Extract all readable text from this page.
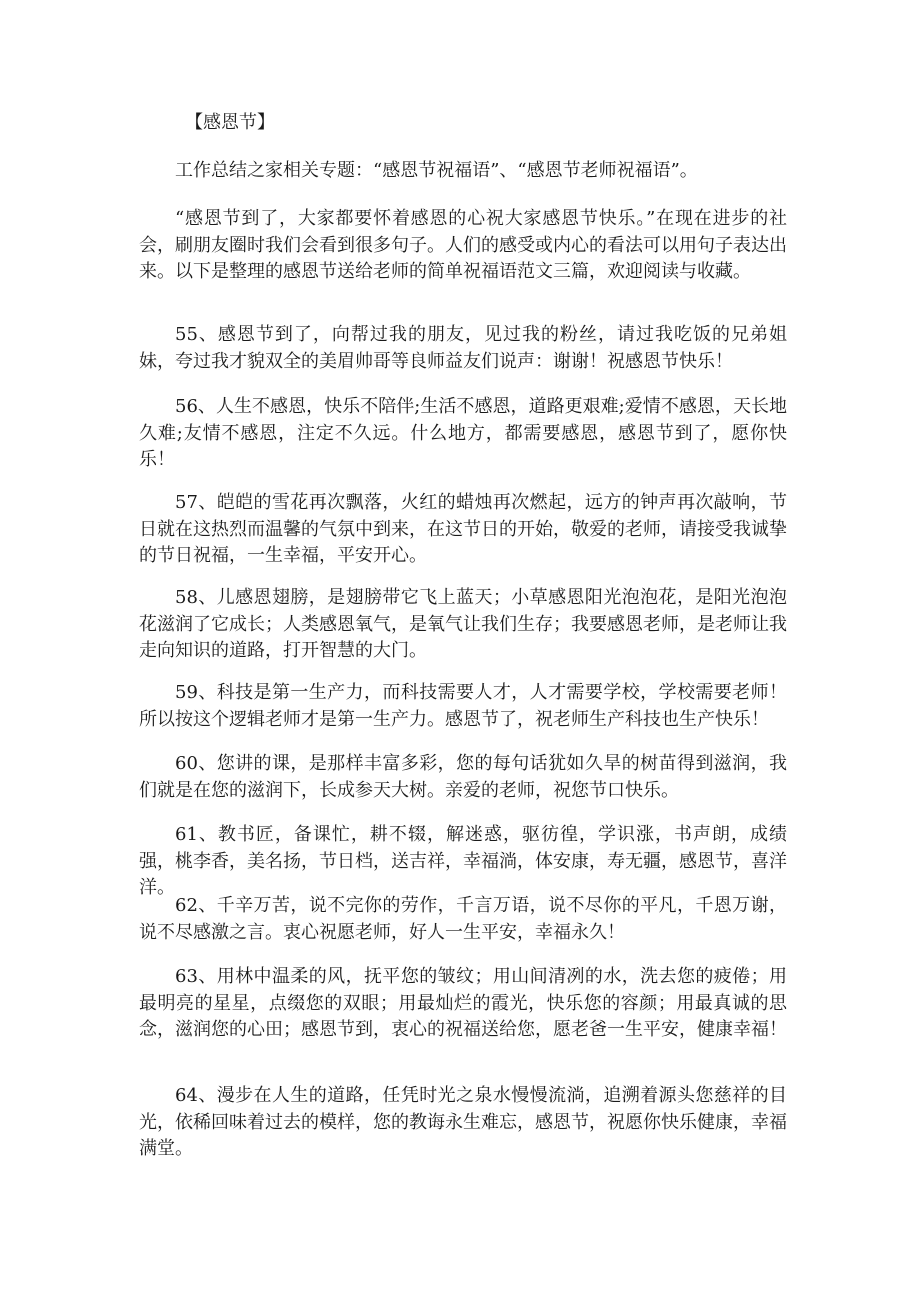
【感恩节】

工作总结之家相关专题：“感恩节祝福语”、“感恩节老师祝福语”。

“感恩节到了，大家都要怀着感恩的心祝大家感恩节快乐。”在现在进步的社会，刷朋友圈时我们会看到很多句子。人们的感受或内心的看法可以用句子表达出来。以下是整理的感恩节送给老师的简单祝福语范文三篇，欢迎阅读与收藏。

55、感恩节到了，向帮过我的朋友，见过我的粉丝，请过我吃饭的兄弟姐妹，夸过我才貌双全的美眉帅哥等良师益友们说声：谢谢！祝感恩节快乐！

56、人生不感恩，快乐不陪伴;生活不感恩，道路更艰难;爱情不感恩，天长地久难;友情不感恩，注定不久远。什么地方，都需要感恩，感恩节到了，愿你快乐！

57、皑皑的雪花再次飘落，火红的蜡烛再次燃起，远方的钟声再次敲响，节日就在这热烈而温馨的气氛中到来，在这节日的开始，敬爱的老师，请接受我诚挚的节日祝福，一生幸福，平安开心。

58、儿感恩翅膀，是翅膀带它飞上蓝天；小草感恩阳光泡泡花，是阳光泡泡花滋润了它成长；人类感恩氧气，是氧气让我们生存；我要感恩老师，是老师让我走向知识的道路，打开智慧的大门。

59、科技是第一生产力，而科技需要人才，人才需要学校，学校需要老师！所以按这个逻辑老师才是第一生产力。感恩节了，祝老师生产科技也生产快乐！

60、您讲的课，是那样丰富多彩，您的每句话犹如久旱的树苗得到滋润，我们就是在您的滋润下，长成参天大树。亲爱的老师，祝您节口快乐。

61、教书匠，备课忙，耕不辍，解迷惑，驱彷徨，学识涨，书声朗，成绩强，桃李香，美名扬，节日档，送吉祥，幸福淌，体安康，寿无疆，感恩节，喜洋洋。

62、千辛万苦，说不完你的劳作，千言万语，说不尽你的平凡，千恩万谢，说不尽感激之言。衷心祝愿老师，好人一生平安，幸福永久！

63、用林中温柔的风，抚平您的皱纹；用山间清冽的水，洗去您的疲倦；用最明亮的星星，点缀您的双眼；用最灿烂的霞光，快乐您的容颜；用最真诚的思念，滋润您的心田；感恩节到，衷心的祝福送给您，愿老爸一生平安，健康幸福！

64、漫步在人生的道路，任凭时光之泉水慢慢流淌，追溯着源头您慈祥的目光，依稀回味着过去的模样，您的教诲永生难忘，感恩节，祝愿你快乐健康，幸福满堂。
